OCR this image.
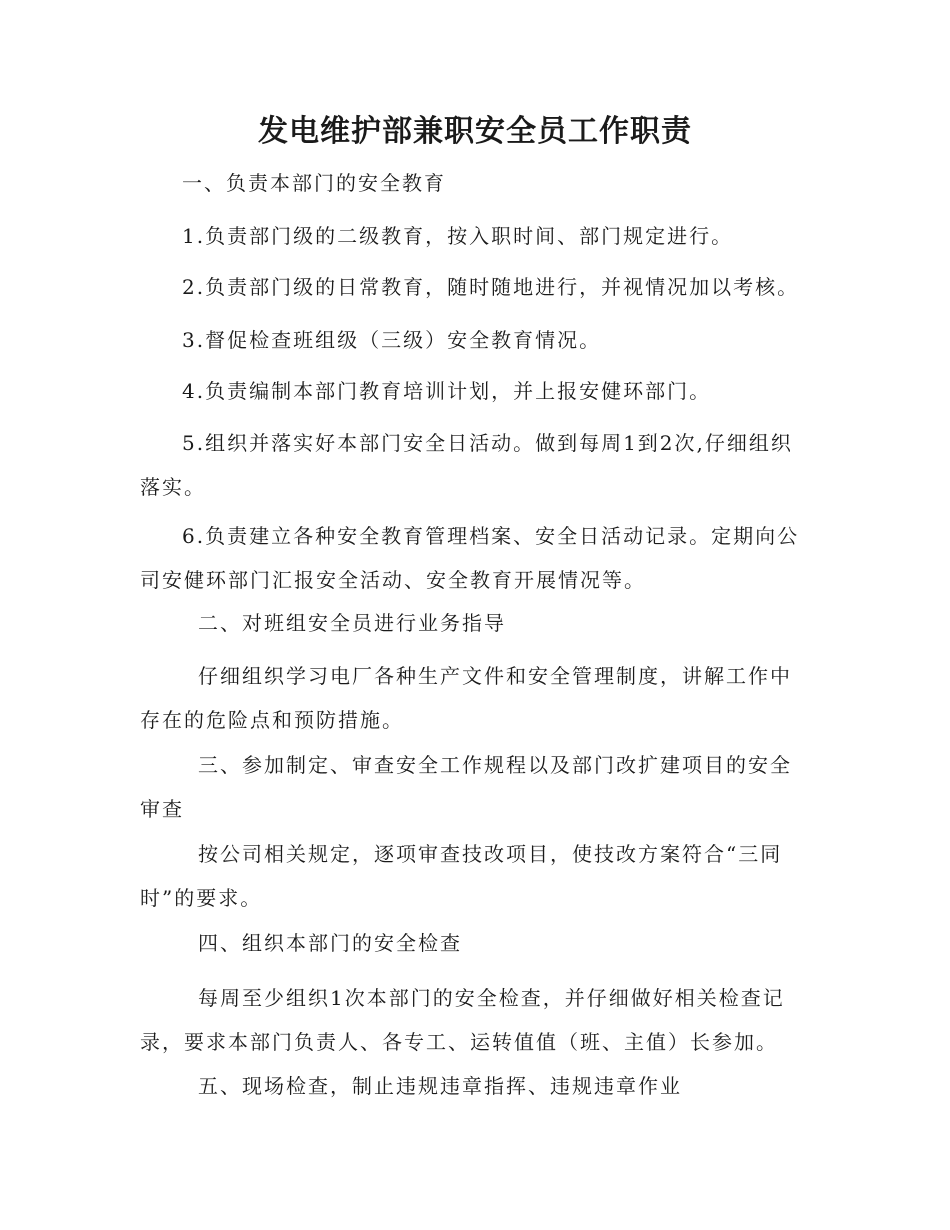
发电维护部兼职安全员工作职责

一、负责本部门的安全教育

1.负责部门级的二级教育，按入职时间、部门规定进行。

2.负责部门级的日常教育，随时随地进行，并视情况加以考核。

3.督促检查班组级（三级）安全教育情况。

4.负责编制本部门教育培训计划，并上报安健环部门。

5.组织并落实好本部门安全日活动。做到每周1到2次,仔细组织落实。

6.负责建立各种安全教育管理档案、安全日活动记录。定期向公司安健环部门汇报安全活动、安全教育开展情况等。

二、对班组安全员进行业务指导

仔细组织学习电厂各种生产文件和安全管理制度，讲解工作中存在的危险点和预防措施。

三、参加制定、审查安全工作规程以及部门改扩建项目的安全审查

按公司相关规定，逐项审查技改项目，使技改方案符合“三同时”的要求。

四、组织本部门的安全检查

每周至少组织1次本部门的安全检查，并仔细做好相关检查记录，要求本部门负责人、各专工、运转值值（班、主值）长参加。

五、现场检查，制止违规违章指挥、违规违章作业
